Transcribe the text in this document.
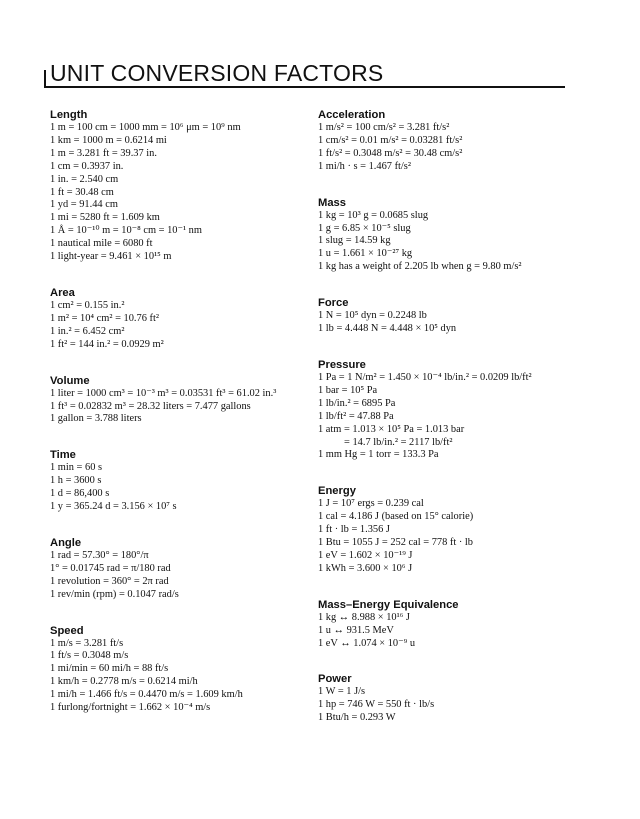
UNIT CONVERSION FACTORS
Length
1 m = 100 cm = 1000 mm = 10⁶ μm = 10⁹ nm
1 km = 1000 m = 0.6214 mi
1 m = 3.281 ft = 39.37 in.
1 cm = 0.3937 in.
1 in. = 2.540 cm
1 ft = 30.48 cm
1 yd = 91.44 cm
1 mi = 5280 ft = 1.609 km
1 Å = 10⁻¹⁰ m = 10⁻⁸ cm = 10⁻¹ nm
1 nautical mile = 6080 ft
1 light-year = 9.461 × 10¹⁵ m
Area
1 cm² = 0.155 in.²
1 m² = 10⁴ cm² = 10.76 ft²
1 in.² = 6.452 cm²
1 ft² = 144 in.² = 0.0929 m²
Volume
1 liter = 1000 cm³ = 10⁻³ m³ = 0.03531 ft³ = 61.02 in.³
1 ft³ = 0.02832 m³ = 28.32 liters = 7.477 gallons
1 gallon = 3.788 liters
Time
1 min = 60 s
1 h = 3600 s
1 d = 86,400 s
1 y = 365.24 d = 3.156 × 10⁷ s
Angle
1 rad = 57.30° = 180°/π
1° = 0.01745 rad = π/180 rad
1 revolution = 360° = 2π rad
1 rev/min (rpm) = 0.1047 rad/s
Speed
1 m/s = 3.281 ft/s
1 ft/s = 0.3048 m/s
1 mi/min = 60 mi/h = 88 ft/s
1 km/h = 0.2778 m/s = 0.6214 mi/h
1 mi/h = 1.466 ft/s = 0.4470 m/s = 1.609 km/h
1 furlong/fortnight = 1.662 × 10⁻⁴ m/s
Acceleration
1 m/s² = 100 cm/s² = 3.281 ft/s²
1 cm/s² = 0.01 m/s² = 0.03281 ft/s²
1 ft/s² = 0.3048 m/s² = 30.48 cm/s²
1 mi/h · s = 1.467 ft/s²
Mass
1 kg = 10³ g = 0.0685 slug
1 g = 6.85 × 10⁻⁵ slug
1 slug = 14.59 kg
1 u = 1.661 × 10⁻²⁷ kg
1 kg has a weight of 2.205 lb when g = 9.80 m/s²
Force
1 N = 10⁵ dyn = 0.2248 lb
1 lb = 4.448 N = 4.448 × 10⁵ dyn
Pressure
1 Pa = 1 N/m² = 1.450 × 10⁻⁴ lb/in.² = 0.0209 lb/ft²
1 bar = 10⁵ Pa
1 lb/in.² = 6895 Pa
1 lb/ft² = 47.88 Pa
1 atm = 1.013 × 10⁵ Pa = 1.013 bar
= 14.7 lb/in.² = 2117 lb/ft²
1 mm Hg = 1 torr = 133.3 Pa
Energy
1 J = 10⁷ ergs = 0.239 cal
1 cal = 4.186 J (based on 15° calorie)
1 ft · lb = 1.356 J
1 Btu = 1055 J = 252 cal = 778 ft · lb
1 eV = 1.602 × 10⁻¹⁹ J
1 kWh = 3.600 × 10⁶ J
Mass–Energy Equivalence
1 kg ↔ 8.988 × 10¹⁶ J
1 u ↔ 931.5 MeV
1 eV ↔ 1.074 × 10⁻⁹ u
Power
1 W = 1 J/s
1 hp = 746 W = 550 ft · lb/s
1 Btu/h = 0.293 W
